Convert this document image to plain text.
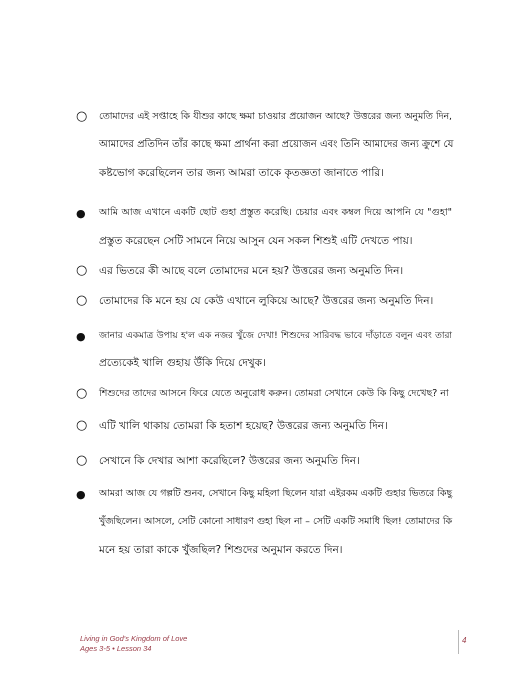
○ তোমাদের এই সপ্তাহে কি যীশুর কাছে ক্ষমা চাওয়ার প্রয়োজন আছে? উত্তরের জন্য অনুমতি দিন,
আমাদের প্রতিদিন তাঁর কাছে ক্ষমা প্রার্থনা করা প্রয়োজন এবং তিনি আমাদের জন্য ক্রুশে যে
কষ্টভোগ করেছিলেন তার জন্য আমরা তাকে কৃতজ্ঞতা জানাতে পারি।
● আমি আজ এখানে একটি ছোট গুহা প্রস্তুত করেছি। চেয়ার এবং কম্বল দিয়ে আপনি যে "গুহা"
প্রস্তুত করেছেন সেটি সামনে নিয়ে আসুন যেন সকল শিশুই এটি দেখতে পায়।
○ এর ভিতরে কী আছে বলে তোমাদের মনে হয়? উত্তরের জন্য অনুমতি দিন।
○ তোমাদের কি মনে হয় যে কেউ এখানে লুকিয়ে আছে? উত্তরের জন্য অনুমতি দিন।
● জানার একমাত্র উপায় হ'ল এক নজর খুঁজে দেখা! শিশুদের সারিবদ্ধ ভাবে দাঁড়াতে বলুন এবং তারা
প্রত্যেকেই খালি গুহায় উঁকি দিয়ে দেখুক।
○ শিশুদের তাদের আসনে ফিরে যেতে অনুরোধ করুন। তোমরা সেখানে কেউ কি কিছু দেখেছ? না
○ এটি খালি থাকায় তোমরা কি হতাশ হয়েছ? উত্তরের জন্য অনুমতি দিন।
○ সেখানে কি দেখার আশা করেছিলে? উত্তরের জন্য অনুমতি দিন।
● আমরা আজ যে গল্পটি শুনব, সেখানে কিছু মহিলা ছিলেন যারা এইরকম একটি গুহার ভিতরে কিছু
খুঁজছিলেন। আসলে, সেটি কোনো সাধারণ গুহা ছিল না – সেটি একটি সমাধি ছিল! তোমাদের কি
মনে হয় তারা কাকে খুঁজছিল? শিশুদের অনুমান করতে দিন।
Living in God's Kingdom of Love
Ages 3-5 • Lesson 34
4
